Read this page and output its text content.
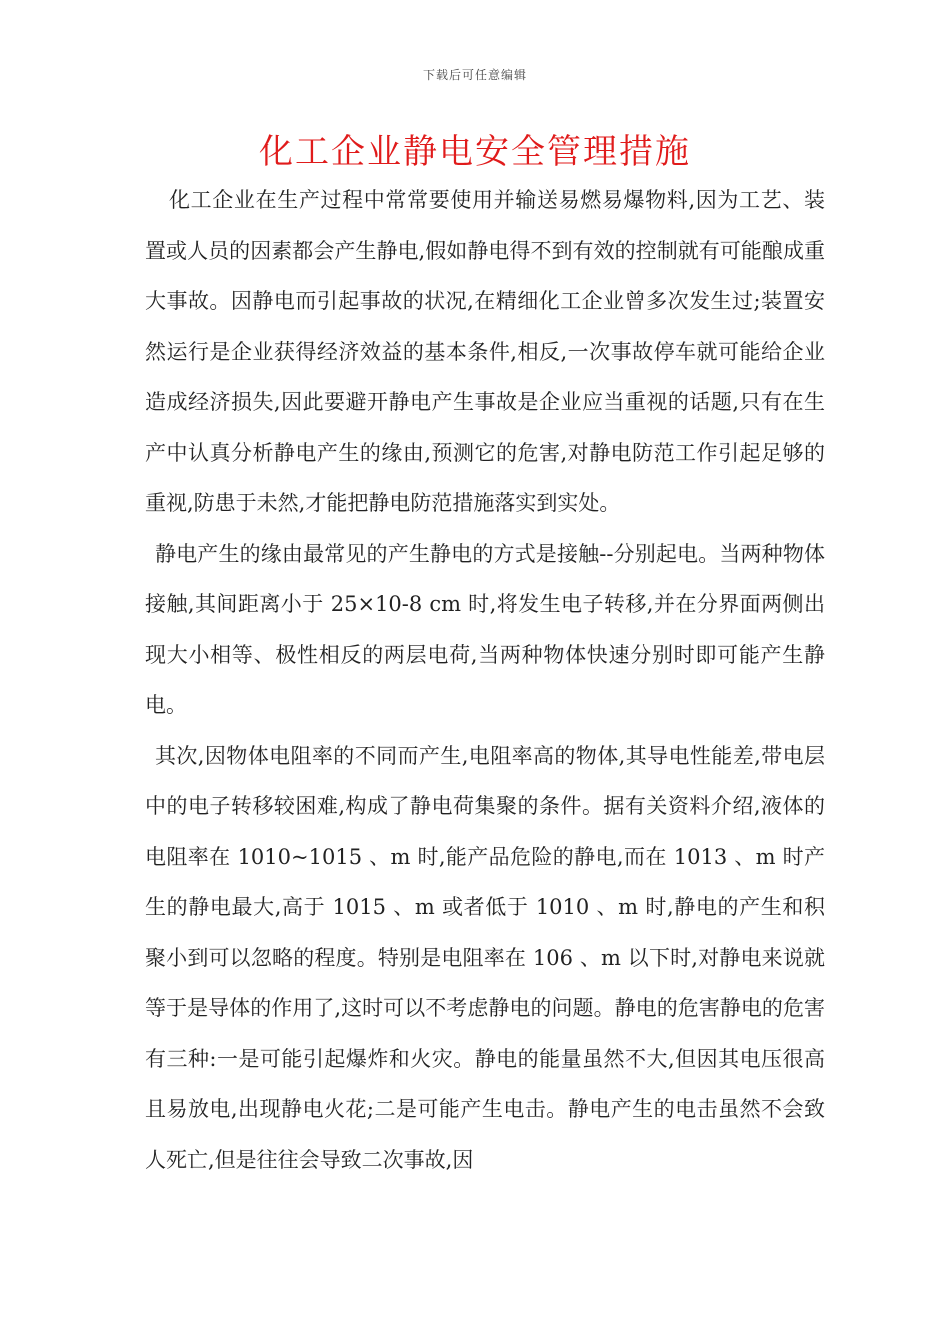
下载后可任意编辑
化工企业静电安全管理措施

化工企业在生产过程中常常要使用并输送易燃易爆物料,因为工艺、装置或人员的因素都会产生静电,假如静电得不到有效的控制就有可能酿成重大事故。因静电而引起事故的状况,在精细化工企业曾多次发生过;装置安然运行是企业获得经济效益的基本条件,相反,一次事故停车就可能给企业造成经济损失,因此要避开静电产生事故是企业应当重视的话题,只有在生产中认真分析静电产生的缘由,预测它的危害,对静电防范工作引起足够的重视,防患于未然,才能把静电防范措施落实到实处。

静电产生的缘由最常见的产生静电的方式是接触--分别起电。当两种物体接触,其间距离小于 25×10-8 cm 时,将发生电子转移,并在分界面两侧出现大小相等、极性相反的两层电荷,当两种物体快速分别时即可能产生静电。

其次,因物体电阻率的不同而产生,电阻率高的物体,其导电性能差,带电层中的电子转移较困难,构成了静电荷集聚的条件。据有关资料介绍,液体的电阻率在 1010~1015 、m 时,能产品危险的静电,而在 1013 、m 时产生的静电最大,高于 1015 、m 或者低于 1010 、m 时,静电的产生和积聚小到可以忽略的程度。特别是电阻率在 106 、m 以下时,对静电来说就等于是导体的作用了,这时可以不考虑静电的问题。静电的危害静电的危害有三种:一是可能引起爆炸和火灾。静电的能量虽然不大,但因其电压很高且易放电,出现静电火花;二是可能产生电击。静电产生的电击虽然不会致人死亡,但是往往会导致二次事故,因
